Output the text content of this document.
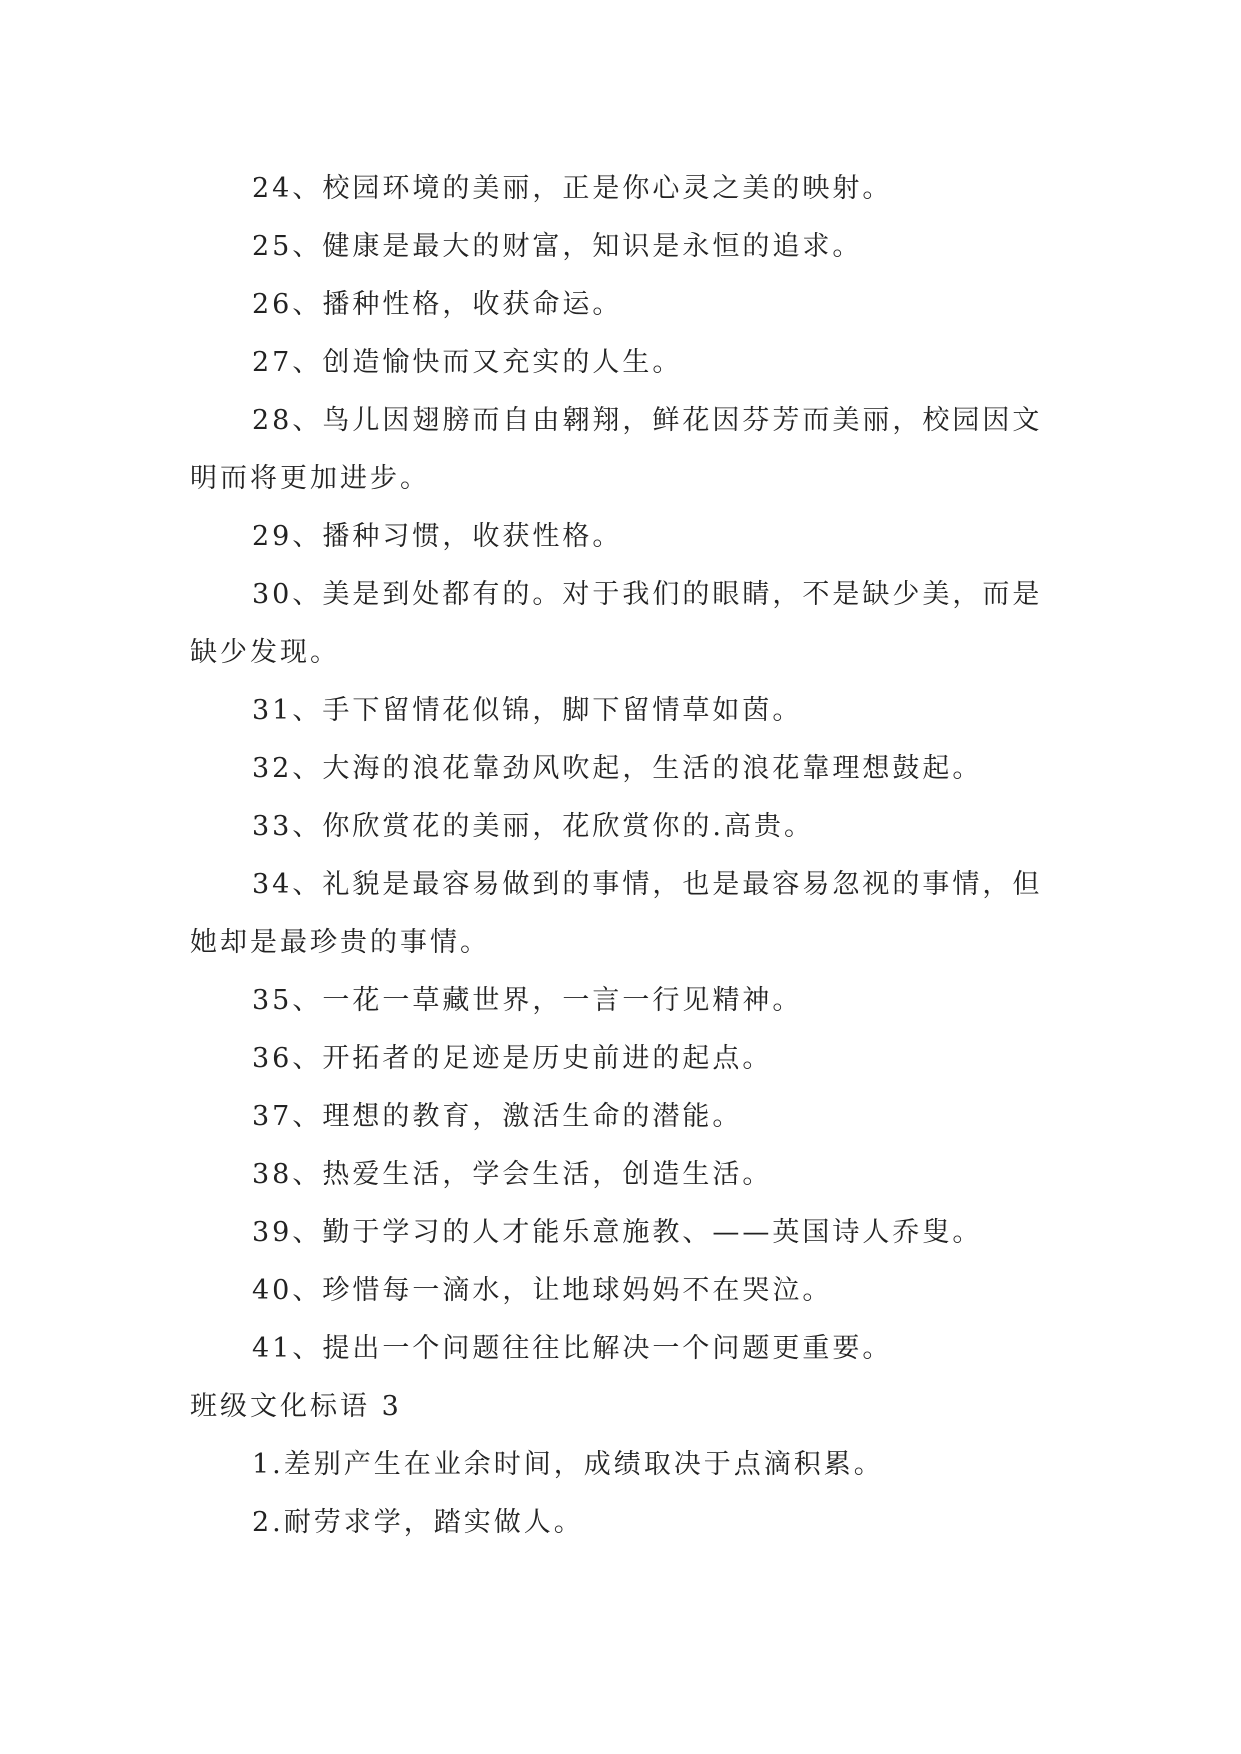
24、校园环境的美丽，正是你心灵之美的映射。

25、健康是最大的财富，知识是永恒的追求。

26、播种性格，收获命运。

27、创造愉快而又充实的人生。

28、鸟儿因翅膀而自由翱翔，鲜花因芬芳而美丽，校园因文明而将更加进步。

29、播种习惯，收获性格。

30、美是到处都有的。对于我们的眼睛，不是缺少美，而是缺少发现。

31、手下留情花似锦，脚下留情草如茵。

32、大海的浪花靠劲风吹起，生活的浪花靠理想鼓起。

33、你欣赏花的美丽，花欣赏你的.高贵。

34、礼貌是最容易做到的事情，也是最容易忽视的事情，但她却是最珍贵的事情。

35、一花一草藏世界，一言一行见精神。

36、开拓者的足迹是历史前进的起点。

37、理想的教育，激活生命的潜能。

38、热爱生活，学会生活，创造生活。

39、勤于学习的人才能乐意施教、——英国诗人乔叟。

40、珍惜每一滴水，让地球妈妈不在哭泣。

41、提出一个问题往往比解决一个问题更重要。

班级文化标语 3

1.差别产生在业余时间，成绩取决于点滴积累。

2.耐劳求学，踏实做人。
